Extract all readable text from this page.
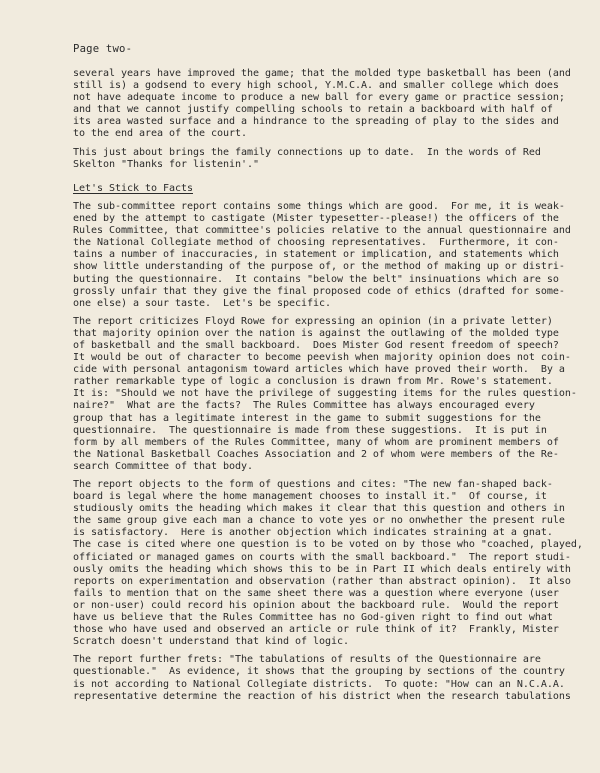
Page two-
several years have improved the game; that the molded type basketball has been (and
still is) a godsend to every high school, Y.M.C.A. and smaller college which does
not have adequate income to produce a new ball for every game or practice session;
and that we cannot justify compelling schools to retain a backboard with half of
its area wasted surface and a hindrance to the spreading of play to the sides and
to the end area of the court.
This just about brings the family connections up to date.  In the words of Red
Skelton "Thanks for listenin'."
Let's Stick to Facts
The sub-committee report contains some things which are good.  For me, it is weak-
ened by the attempt to castigate (Mister typesetter--please!) the officers of the
Rules Committee, that committee's policies relative to the annual questionnaire and
the National Collegiate method of choosing representatives.  Furthermore, it con-
tains a number of inaccuracies, in statement or implication, and statements which
show little understanding of the purpose of, or the method of making up or distri-
buting the questionnaire.  It contains "below the belt" insinuations which are so
grossly unfair that they give the final proposed code of ethics (drafted for some-
one else) a sour taste.  Let's be specific.
The report criticizes Floyd Rowe for expressing an opinion (in a private letter)
that majority opinion over the nation is against the outlawing of the molded type
of basketball and the small backboard.  Does Mister God resent freedom of speech?
It would be out of character to become peevish when majority opinion does not coin-
cide with personal antagonism toward articles which have proved their worth.  By a
rather remarkable type of logic a conclusion is drawn from Mr. Rowe's statement.
It is: "Should we not have the privilege of suggesting items for the rules question-
naire?"  What are the facts?  The Rules Committee has always encouraged every
group that has a legitimate interest in the game to submit suggestions for the
questionnaire.  The questionnaire is made from these suggestions.  It is put in
form by all members of the Rules Committee, many of whom are prominent members of
the National Basketball Coaches Association and 2 of whom were members of the Re-
search Committee of that body.
The report objects to the form of questions and cites: "The new fan-shaped back-
board is legal where the home management chooses to install it."  Of course, it
studiously omits the heading which makes it clear that this question and others in
the same group give each man a chance to vote yes or no onwhether the present rule
is satisfactory.  Here is another objection which indicates straining at a gnat.
The case is cited where one question is to be voted on by those who "coached, played,
officiated or managed games on courts with the small backboard."  The report studi-
ously omits the heading which shows this to be in Part II which deals entirely with
reports on experimentation and observation (rather than abstract opinion).  It also
fails to mention that on the same sheet there was a question where everyone (user
or non-user) could record his opinion about the backboard rule.  Would the report
have us believe that the Rules Committee has no God-given right to find out what
those who have used and observed an article or rule think of it?  Frankly, Mister
Scratch doesn't understand that kind of logic.
The report further frets: "The tabulations of results of the Questionnaire are
questionable."  As evidence, it shows that the grouping by sections of the country
is not according to National Collegiate districts.  To quote: "How can an N.C.A.A.
representative determine the reaction of his district when the research tabulations
